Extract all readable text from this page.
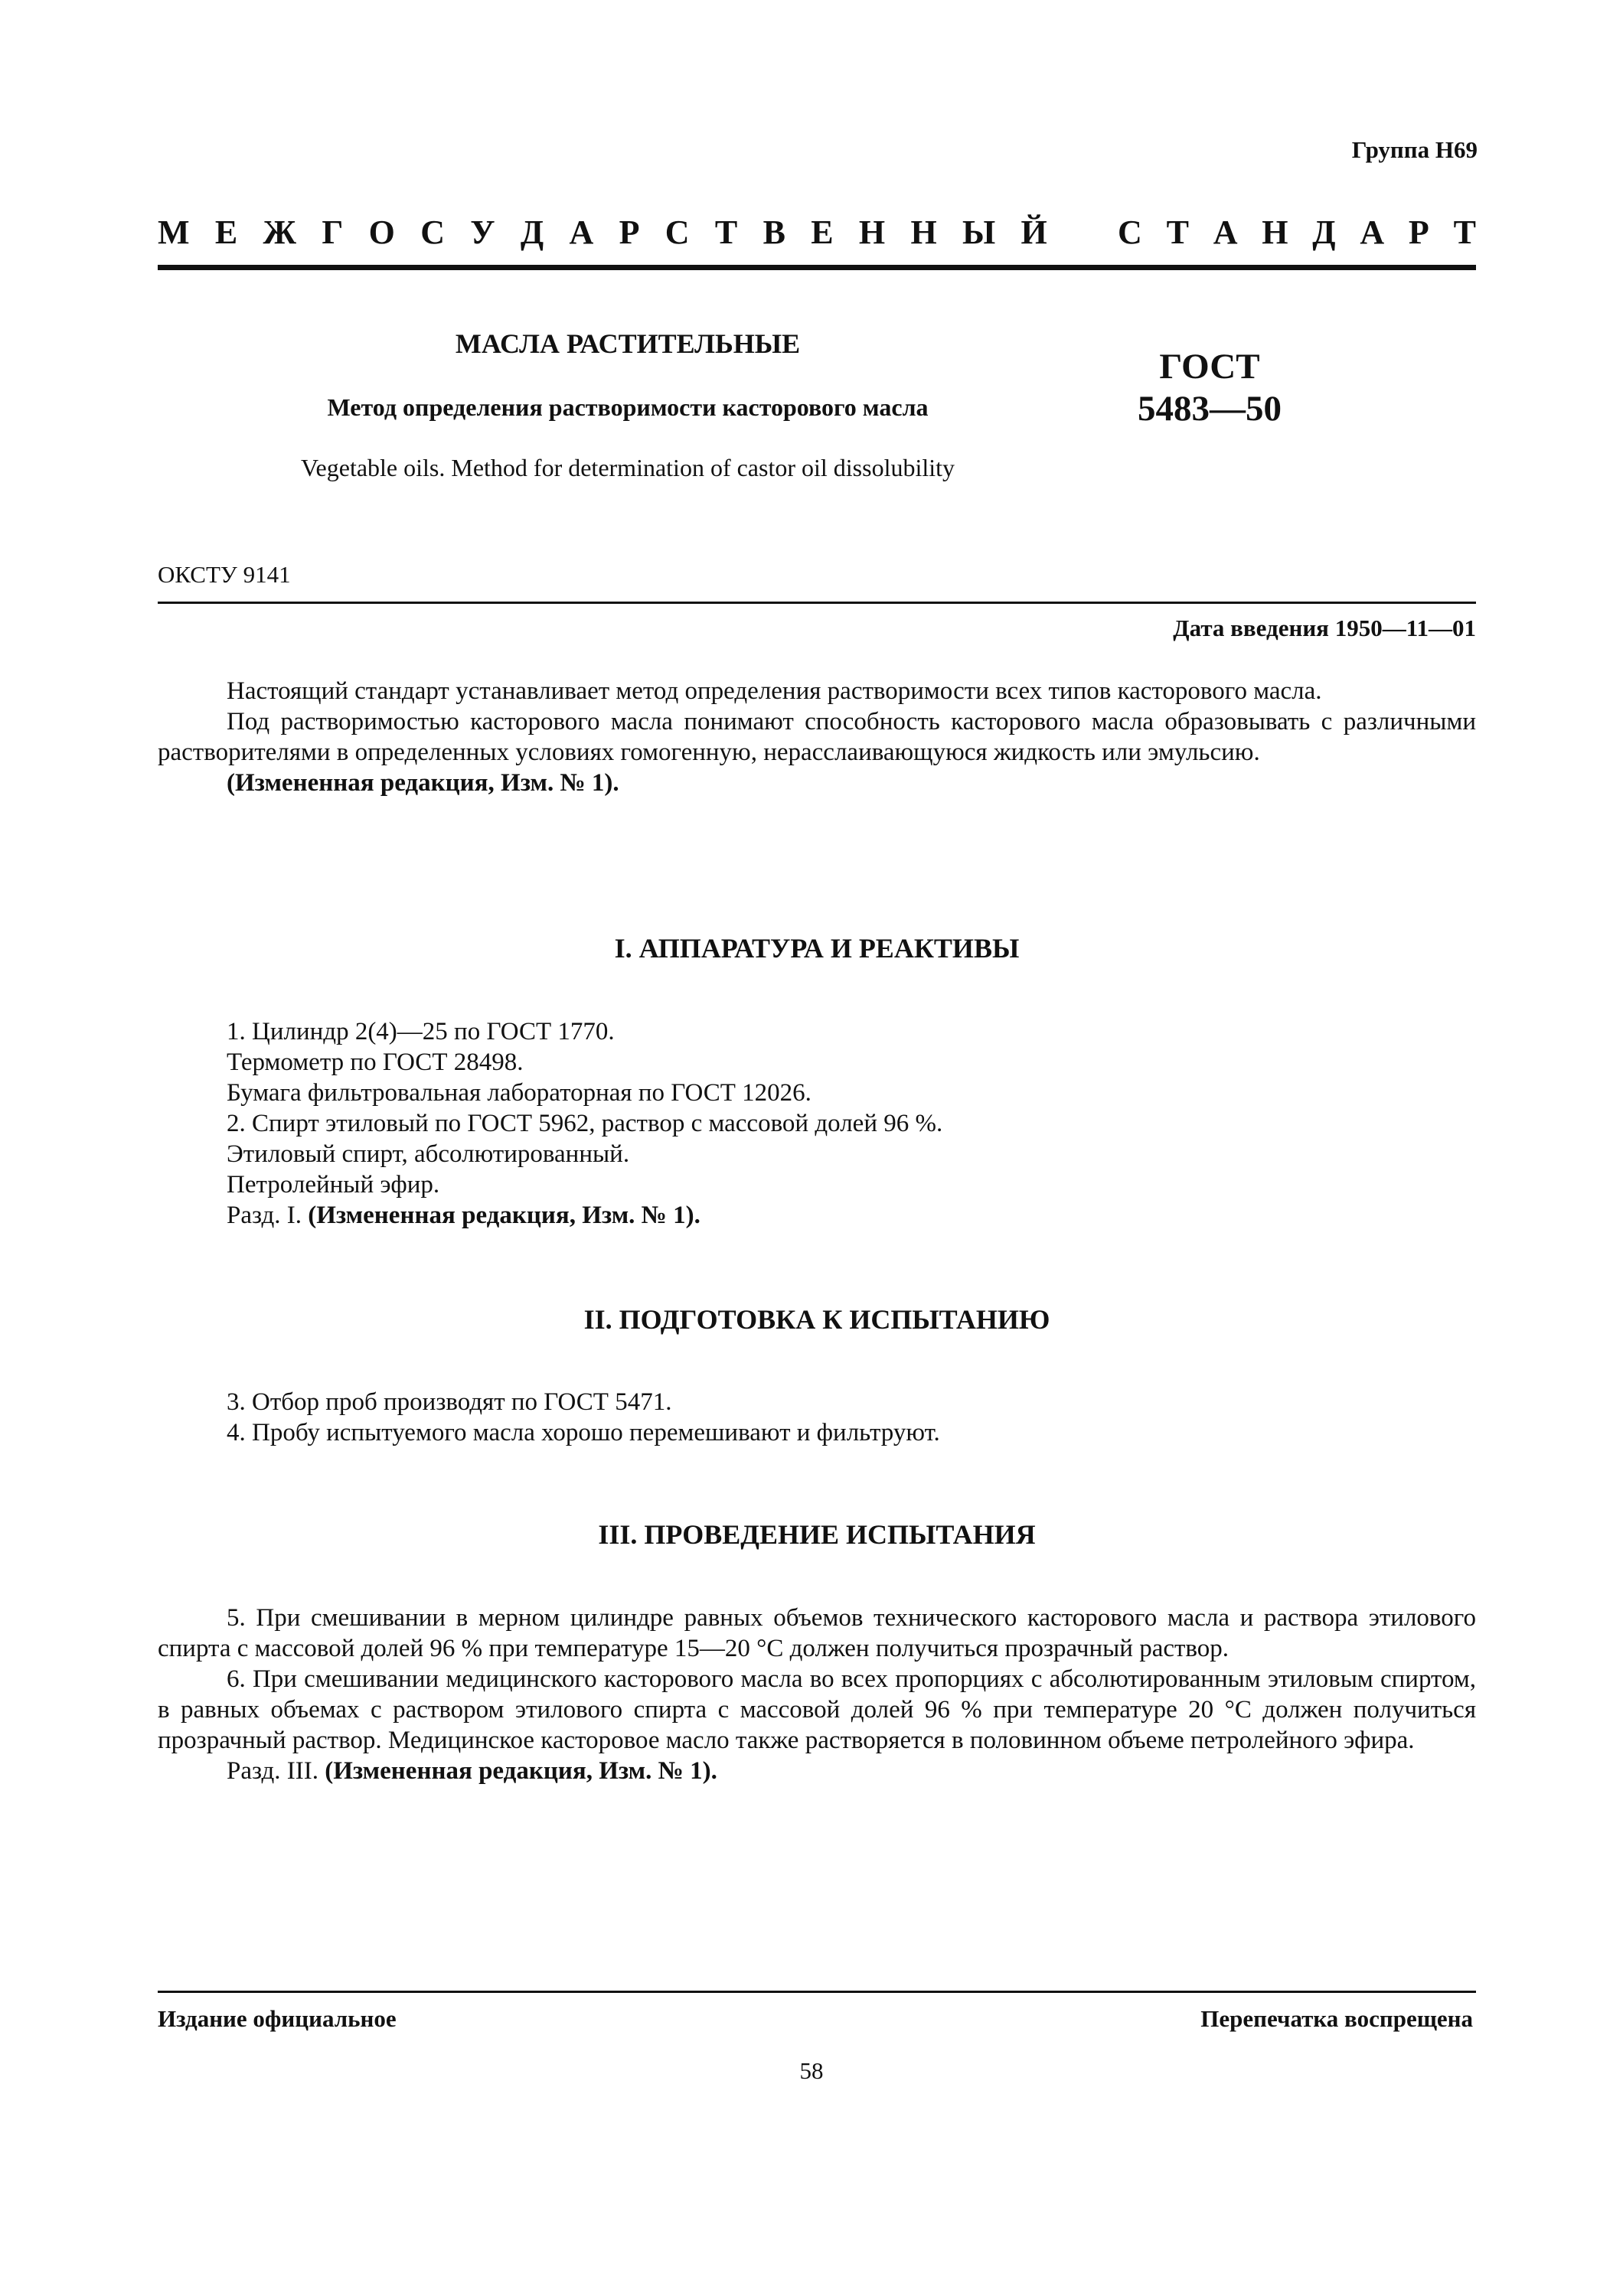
Группа Н69
М Е Ж Г О С У Д А Р С Т В Е Н Н Ы Й С Т А Н Д А Р Т

МАСЛА РАСТИТЕЛЬНЫЕ

Метод определения растворимости касторового масла

Vegetable oils. Method for determination of castor oil dissolubility

ГОСТ
5483—50
ОКСТУ 9141
Дата введения 1950—11—01

Настоящий стандарт устанавливает метод определения растворимости всех типов касторового масла.

Под растворимостью касторового масла понимают способность касторового масла образовывать с различными растворителями в определенных условиях гомогенную, нерасслаивающуюся жидкость или эмульсию.

(Измененная редакция, Изм. № 1).

I. АППАРАТУРА И РЕАКТИВЫ

1. Цилиндр 2(4)—25 по ГОСТ 1770.

Термометр по ГОСТ 28498.

Бумага фильтровальная лабораторная по ГОСТ 12026.

2. Спирт этиловый по ГОСТ 5962, раствор с массовой долей 96 %.

Этиловый спирт, абсолютированный.

Петролейный эфир.

Разд. I. (Измененная редакция, Изм. № 1).

II. ПОДГОТОВКА К ИСПЫТАНИЮ

3. Отбор проб производят по ГОСТ 5471.

4. Пробу испытуемого масла хорошо перемешивают и фильтруют.

III. ПРОВЕДЕНИЕ ИСПЫТАНИЯ

5. При смешивании в мерном цилиндре равных объемов технического касторового масла и раствора этилового спирта с массовой долей 96 % при температуре 15—20 °С должен получиться прозрачный раствор.

6. При смешивании медицинского касторового масла во всех пропорциях с абсолютированным этиловым спиртом, в равных объемах с раствором этилового спирта с массовой долей 96 % при температуре 20 °С должен получиться прозрачный раствор. Медицинское касторовое масло также растворяется в половинном объеме петролейного эфира.

Разд. III. (Измененная редакция, Изм. № 1).

Издание официальное	Перепечатка воспрещена
58
